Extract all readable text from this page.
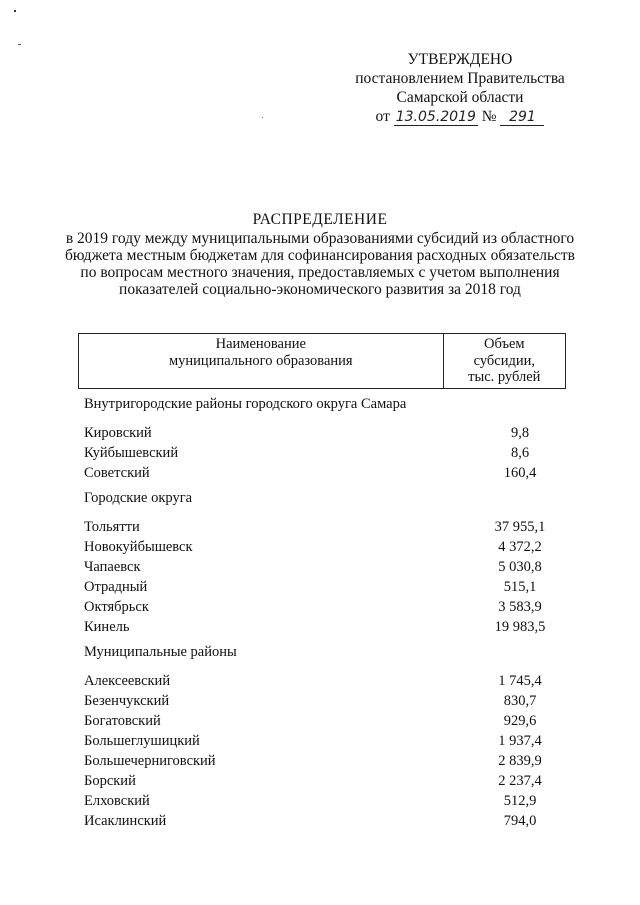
УТВЕРЖДЕНО
постановлением Правительства
Самарской области
от 13.05.2019 № 291
РАСПРЕДЕЛЕНИЕ
в 2019 году между муниципальными образованиями субсидий из областного
бюджета местным бюджетам для софинансирования расходных обязательств
по вопросам местного значения, предоставляемых с учетом выполнения
показателей социально-экономического развития за 2018 год
Наименование
муниципального образования

Объем
субсидии,
тыс. рублей
Внутригородские районы городского округа Самара
Кировский	9,8
Куйбышевский	8,6
Советский	160,4
Городские округа
Тольятти	37 955,1
Новокуйбышевск	4 372,2
Чапаевск	5 030,8
Отрадный	515,1
Октябрьск	3 583,9
Кинель	19 983,5
Муниципальные районы
Алексеевский	1 745,4
Безенчукский	830,7
Богатовский	929,6
Большеглушицкий	1 937,4
Большечерниговский	2 839,9
Борский	2 237,4
Елховский	512,9
Исаклинский	794,0
